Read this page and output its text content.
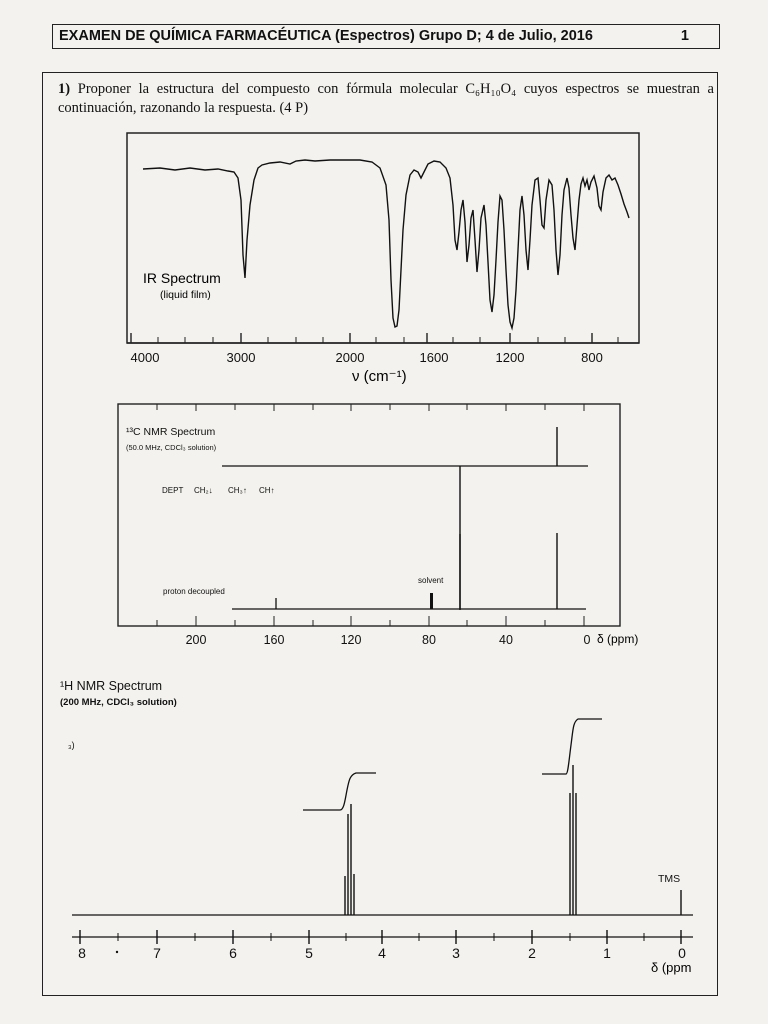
EXAMEN DE QUÍMICA FARMACÉUTICA (Espectros) Grupo D; 4 de Julio, 2016	1
1) Proponer la estructura del compuesto con fórmula molecular C₆H₁₀O₄ cuyos espectros se muestran a continuación, razonando la respuesta. (4 P)
4000	3000	2000	1600	1200	800
ν (cm⁻¹)
IR Spectrum
(liquid film)
¹³C NMR Spectrum
(50.0 MHz, CDCl₃ solution)
DEPT CH₂↓ CH₃↑ CH↑
proton decoupled
solvent
200	160	120	80	40	0 δ (ppm)
¹H NMR Spectrum
(200 MHz, CDCl₃ solution)
₃)
TMS
8	7	6	5	4	3	2	1	0
δ (ppm
